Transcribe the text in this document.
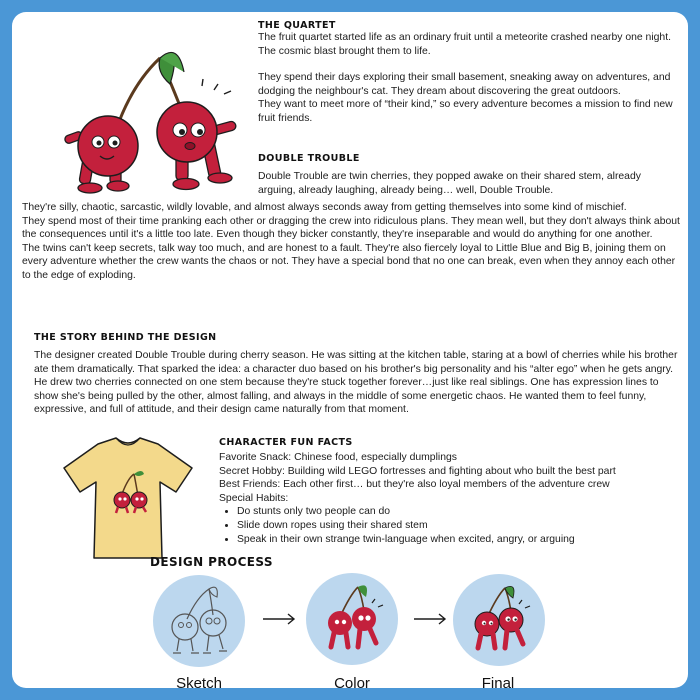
THE QUARTET

The fruit quartet started life as an ordinary fruit until a meteorite crashed nearby one night. The cosmic blast brought them to life.

They spend their days exploring their small basement, sneaking away on adventures, and dodging the neighbour's cat. They dream about discovering the great outdoors.

They want to meet more of “their kind,” so every adventure becomes a mission to find new fruit friends.

DOUBLE TROUBLE

Double Trouble are twin cherries, they popped awake on their shared stem, already arguing, already laughing, already being… well, Double Trouble.

They're silly, chaotic, sarcastic, wildly lovable, and almost always seconds away from getting themselves into some kind of mischief.

They spend most of their time pranking each other or dragging the crew into ridiculous plans. They mean well, but they don't always think about the consequences until it's a little too late. Even though they bicker constantly, they're inseparable and would do anything for one another.

The twins can't keep secrets, talk way too much, and are honest to a fault. They're also fiercely loyal to Little Blue and Big B, joining them on every adventure whether the crew wants the chaos or not. They have a special bond that no one can break, even when they annoy each other to the edge of exploding.

THE STORY BEHIND THE DESIGN

The designer created Double Trouble during cherry season. He was sitting at the kitchen table, staring at a bowl of cherries while his brother ate them dramatically. That sparked the idea: a character duo based on his brother's big personality and his “alter ego” when he gets angry.

He drew two cherries connected on one stem because they're stuck together forever…just like real siblings. One has expression lines to show she's being pulled by the other, almost falling, and always in the middle of some energetic chaos. He wanted them to feel funny, expressive, and full of attitude, and their design came naturally from that moment.

CHARACTER FUN FACTS

Favorite Snack: Chinese food, especially dumplings

Secret Hobby: Building wild LEGO fortresses and fighting about who built the best part

Best Friends: Each other first… but they're also loyal members of the adventure crew

Special Habits:

• Do stunts only two people can do
• Slide down ropes using their shared stem
• Speak in their own strange twin-language when excited, angry, or arguing
DESIGN PROCESS
Sketch	Color	Final
